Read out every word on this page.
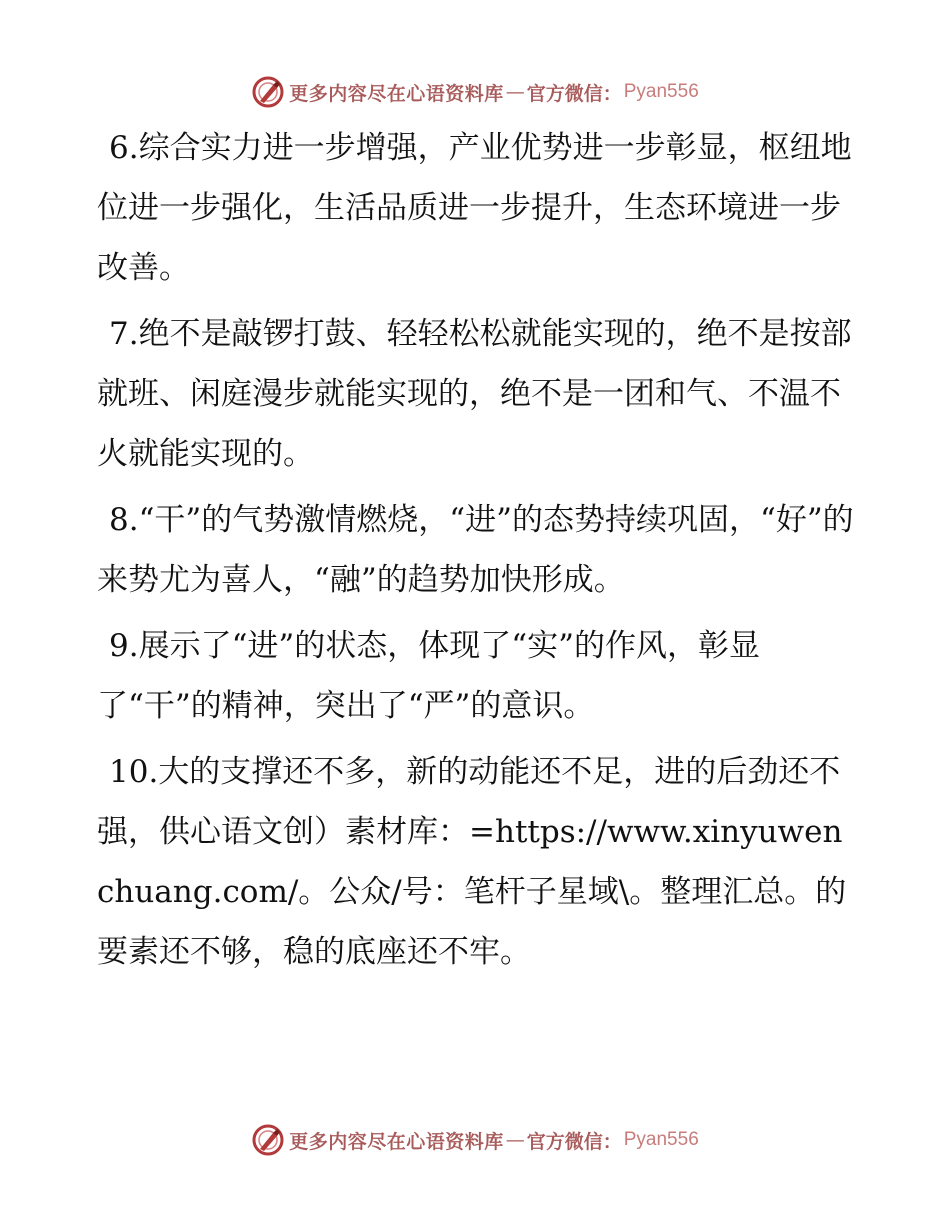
更多内容尽在心语资料库 — 官方微信： Pyan556

6.综合实力进一步增强，产业优势进一步彰显，枢纽地位进一步强化，生活品质进一步提升，生态环境进一步改善。

7.绝不是敲锣打鼓、轻轻松松就能实现的，绝不是按部就班、闲庭漫步就能实现的，绝不是一团和气、不温不火就能实现的。

8.“干”的气势激情燃烧，“进”的态势持续巩固，“好”的来势尤为喜人，“融”的趋势加快形成。

9.展示了“进”的状态，体现了“实”的作风，彰显了“干”的精神，突出了“严”的意识。

10.大的支撑还不多，新的动能还不足，进的后劲还不强，供心语文创）素材库：=https://www.xinyuwenchuang.com/。公众/号：笔杆子星域\。整理汇总。的要素还不够，稳的底座还不牢。

更多内容尽在心语资料库 — 官方微信： Pyan556
